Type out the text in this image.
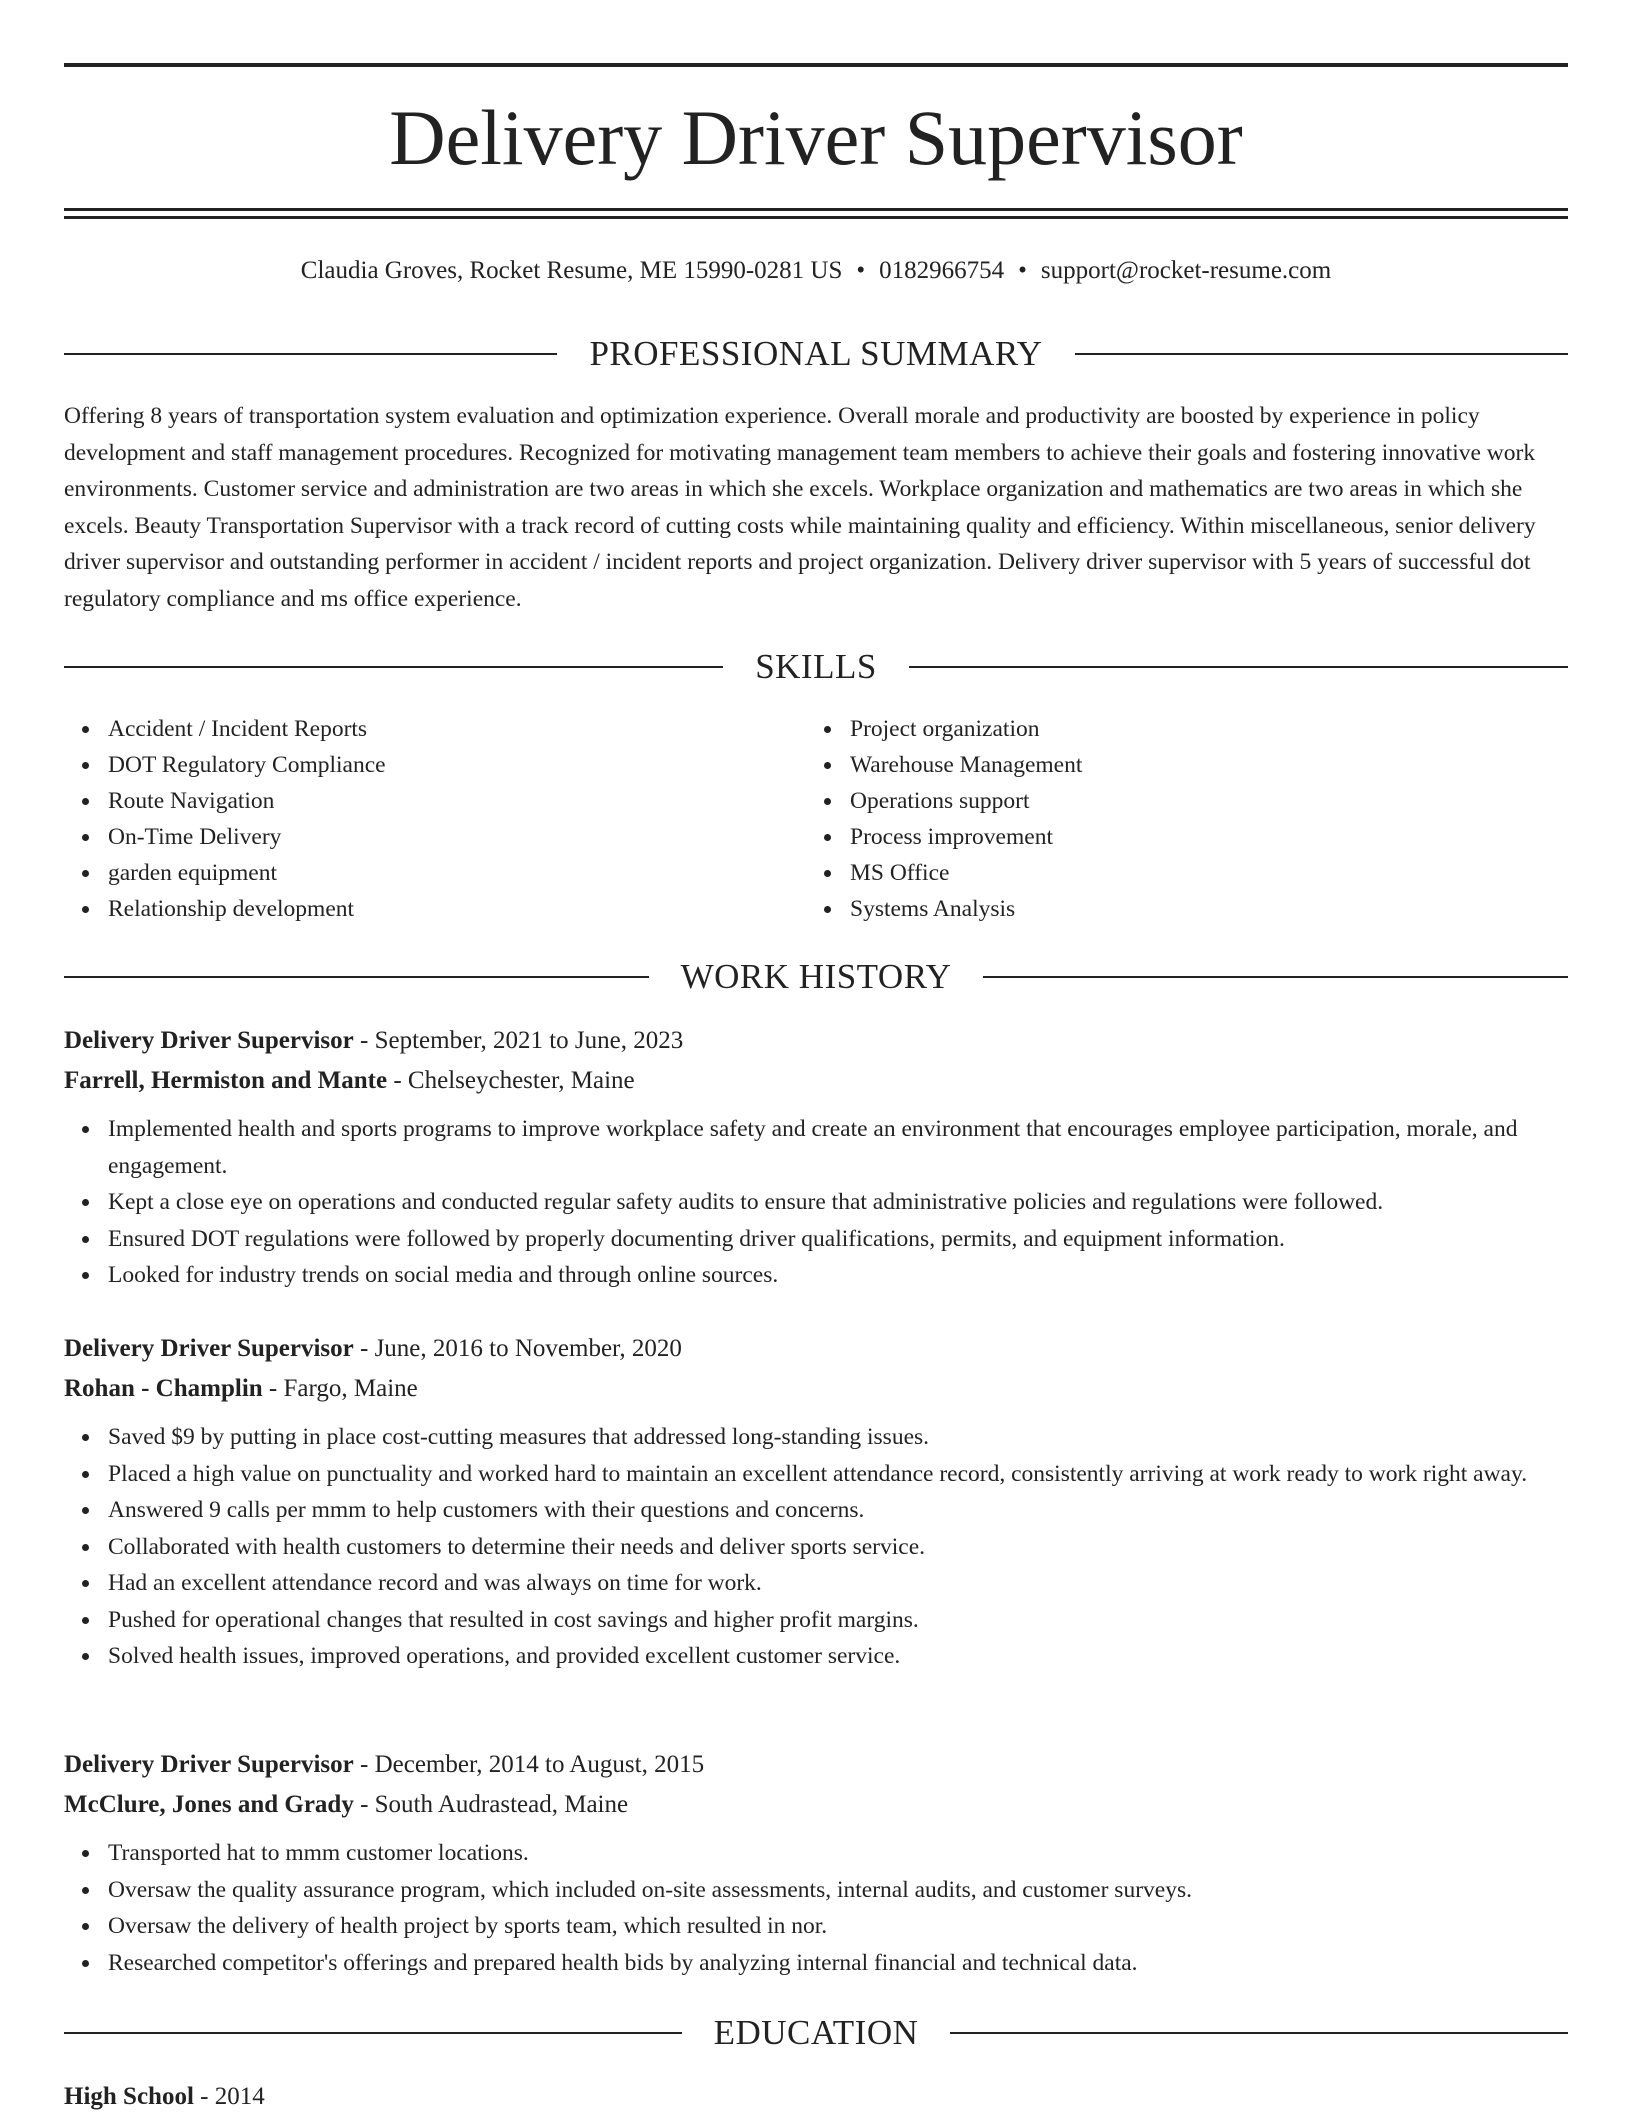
Delivery Driver Supervisor
Claudia Groves, Rocket Resume, ME 15990-0281 US • 0182966754 • support@rocket-resume.com
PROFESSIONAL SUMMARY

Offering 8 years of transportation system evaluation and optimization experience. Overall morale and productivity are boosted by experience in policy development and staff management procedures. Recognized for motivating management team members to achieve their goals and fostering innovative work environments. Customer service and administration are two areas in which she excels. Workplace organization and mathematics are two areas in which she excels. Beauty Transportation Supervisor with a track record of cutting costs while maintaining quality and efficiency. Within miscellaneous, senior delivery driver supervisor and outstanding performer in accident / incident reports and project organization. Delivery driver supervisor with 5 years of successful dot regulatory compliance and ms office experience.

SKILLS
Accident / Incident Reports
DOT Regulatory Compliance
Route Navigation
On-Time Delivery
garden equipment
Relationship development
Project organization
Warehouse Management
Operations support
Process improvement
MS Office
Systems Analysis
WORK HISTORY
Delivery Driver Supervisor - September, 2021 to June, 2023
Farrell, Hermiston and Mante - Chelseychester, Maine
Implemented health and sports programs to improve workplace safety and create an environment that encourages employee participation, morale, and engagement.
Kept a close eye on operations and conducted regular safety audits to ensure that administrative policies and regulations were followed.
Ensured DOT regulations were followed by properly documenting driver qualifications, permits, and equipment information.
Looked for industry trends on social media and through online sources.
Delivery Driver Supervisor - June, 2016 to November, 2020
Rohan - Champlin - Fargo, Maine
Saved $9 by putting in place cost-cutting measures that addressed long-standing issues.
Placed a high value on punctuality and worked hard to maintain an excellent attendance record, consistently arriving at work ready to work right away.
Answered 9 calls per mmm to help customers with their questions and concerns.
Collaborated with health customers to determine their needs and deliver sports service.
Had an excellent attendance record and was always on time for work.
Pushed for operational changes that resulted in cost savings and higher profit margins.
Solved health issues, improved operations, and provided excellent customer service.
Delivery Driver Supervisor - December, 2014 to August, 2015
McClure, Jones and Grady - South Audrastead, Maine
Transported hat to mmm customer locations.
Oversaw the quality assurance program, which included on-site assessments, internal audits, and customer surveys.
Oversaw the delivery of health project by sports team, which resulted in nor.
Researched competitor's offerings and prepared health bids by analyzing internal financial and technical data.
EDUCATION
High School - 2014
